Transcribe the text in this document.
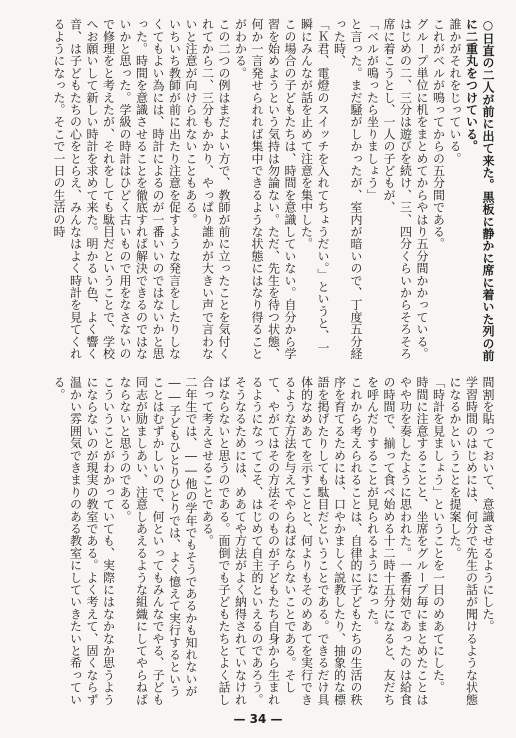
○日直の二人が前に出て来た。黒板に静かに席に着いた列の前に二重丸をつけている。

誰かがそれをじっている。

これがベルが鳴ってからの五分間である。

グループ単位に机をまとめてからやはり五分間かかっている。はじめの二、三分は遊びを続け、三、四分くらいからそろそろ席に着こうとし、一人の子どもが、

「ベルが鳴ったら坐りましょう」

と言った。まだ騒がしかったが、室内が暗いので、丁度五分経った時、

「Ｋ君、電燈のスイッチを入れてちょうだい。」というと、一瞬にみんなが話を止めて注意を集中した。

この場合の子どもたちは、時間を意識していない。自分から学習を始めようという気持は勿論ない。ただ、先生を待つ状態、何か一言発せられれば集中できるような状態にはなり得ることがわかる。

この二つの例はまだよい方で、教師が前に立ったことを気付くれてから二、三分もかかり、やっぱり誰かが大きい声で言わないと注意が向けられないこともある。

いちいち教師が前に出たり注意を促すような発言をしたりしなくてもよい為には、時計によるのが一番いいのではないかと思った。時間を意識させることを徹底すれば解決できるのではないかと思った。学級の時計はひどく古いもので用をなさないので修理をと考えたが、それをしても駄目だということで、学校へお願いして新しい時計を求めて来た。明かるい色、よく響く音、は子どもたちの心をとらえ、みんなはよく時計を見てくれるようになった。そこで一日の生活の時

間割を貼っておいて、意識させるようにした。

学習時間のはじめには、何分で先生の話が聞けるような状態になるかということを提案した。

「時計を見ましょう」ということを一日のめあてにした。

時間に注意することと、坐席をグループ毎にまとめたことはやや功を奏したように思われた。一番有効であったのは給食の時間で、揃って食べ始める十二時十五分になると、友だちを呼んだりすることが見られるようになった。

これから考えられることは、自律的に子どもたちの生活の秩序を育てるためには、口やかましく説教したり、抽象的な標語を掲げたりしても駄目だということである。できるだけ具体的なめあてを示すことと、何よりもそのめあてを実行できるような方法を与えてやらねばならないことである。そして、やがてはその方法そのものが子どもたち自身から生まれるようになってこそ、はじめて自主的といえるのであろう。そうなるためには、めあてや方法がよく納得されていなければならないと思うのである。面倒でも子どもたちとよく話し合って考えさせることである。

二年生では、――他の学年でもそうであるかも知れないが――子どもひとりひとりでは、よく憶えて実行するということはむずかしいので、何といってもみんなでやる、子ども同志が励ましあい、注意しあえるような組織にしてやらねばならないと思うのである。

こういうことがわかっていても、実際にはなかなか思うようにならないのが現実の教室である。よく考えて、固くならず温かい雰囲気できまりのある教室にしていきたいと希っている。

— 34 —
